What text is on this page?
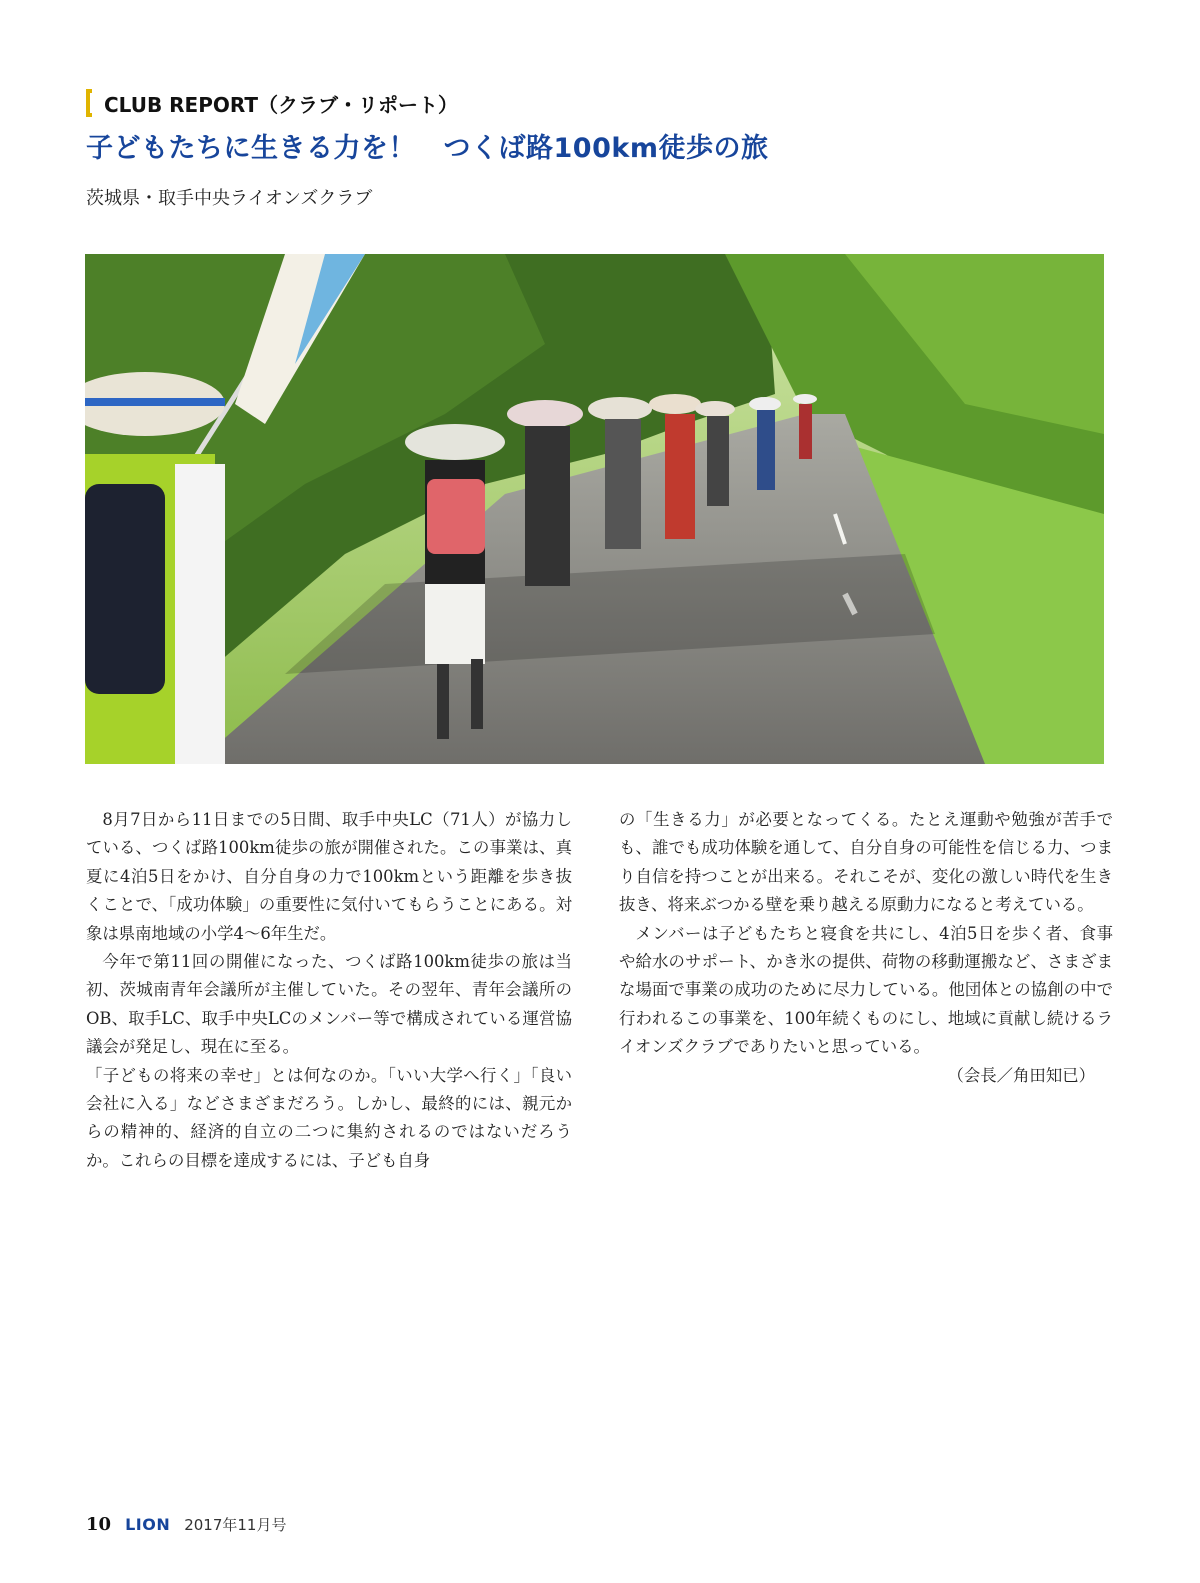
CLUB REPORT（クラブ・リポート）
子どもたちに生きる力を！　つくば路100km徒歩の旅
茨城県・取手中央ライオンズクラブ

8月7日から11日までの5日間、取手中央LC（71人）が協力している、つくば路100km徒歩の旅が開催された。この事業は、真夏に4泊5日をかけ、自分自身の力で100kmという距離を歩き抜くことで、「成功体験」の重要性に気付いてもらうことにある。対象は県南地域の小学4～6年生だ。

今年で第11回の開催になった、つくば路100km徒歩の旅は当初、茨城南青年会議所が主催していた。その翌年、青年会議所のOB、取手LC、取手中央LCのメンバー等で構成されている運営協議会が発足し、現在に至る。

「子どもの将来の幸せ」とは何なのか。「いい大学へ行く」「良い会社に入る」などさまざまだろう。しかし、最終的には、親元からの精神的、経済的自立の二つに集約されるのではないだろうか。これらの目標を達成するには、子ども自身

の「生きる力」が必要となってくる。たとえ運動や勉強が苦手でも、誰でも成功体験を通して、自分自身の可能性を信じる力、つまり自信を持つことが出来る。それこそが、変化の激しい時代を生き抜き、将来ぶつかる壁を乗り越える原動力になると考えている。

メンバーは子どもたちと寝食を共にし、4泊5日を歩く者、食事や給水のサポート、かき氷の提供、荷物の移動運搬など、さまざまな場面で事業の成功のために尽力している。他団体との協創の中で行われるこの事業を、100年続くものにし、地域に貢献し続けるライオンズクラブでありたいと思っている。

（会長／角田知已）

10 LION 2017年11月号
